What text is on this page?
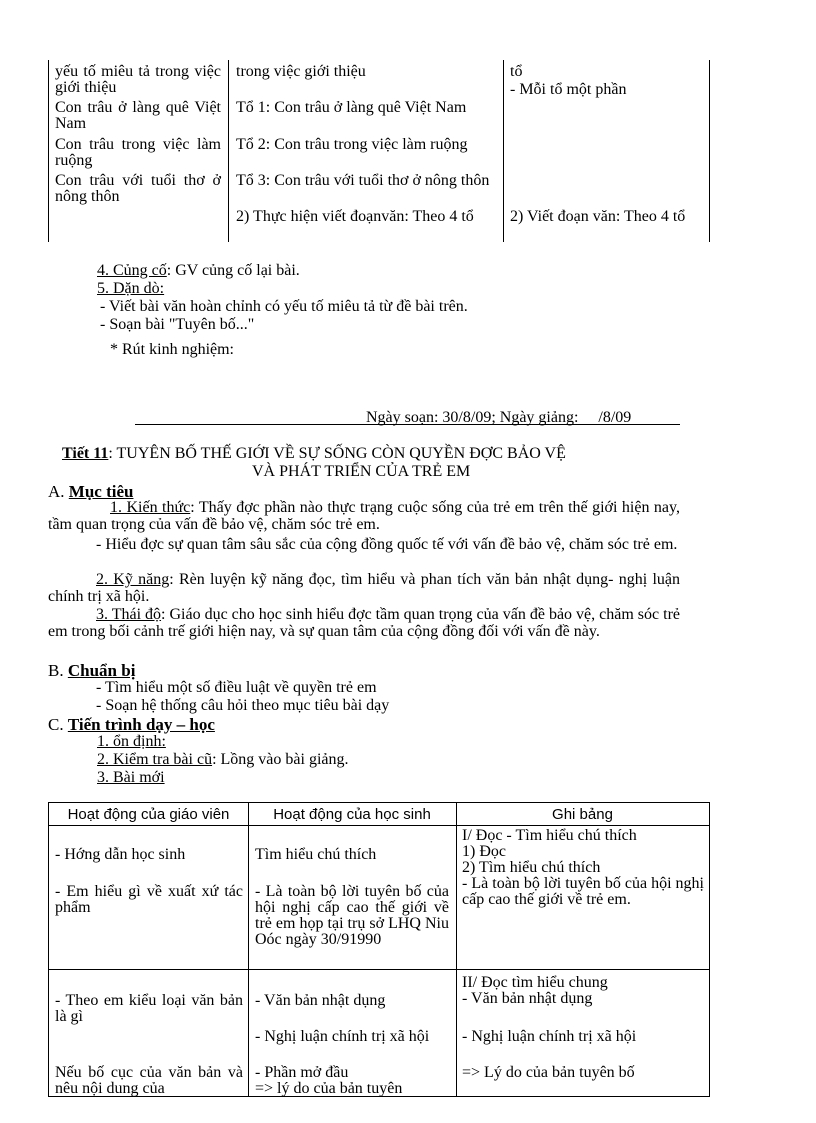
yếu tố miêu tả trong việc giới thiệu

Con trâu ở làng quê Việt Nam

Con trâu trong việc làm ruộng

Con trâu với tuổi thơ ở nông thôn

trong việc giới thiệu

Tổ 1: Con trâu ở làng quê Việt Nam

Tổ 2: Con trâu trong việc làm ruộng

Tổ 3: Con trâu với tuổi thơ ở nông thôn

2) Thực hiện viết đoạnvăn: Theo 4 tổ

tổ

- Mỗi tổ một phần

2) Viết đoạn văn: Theo 4 tổ

4. Củng cố: GV củng cố lại bài.
5. Dặn dò:
- Viết bài văn hoàn chỉnh có yếu tố miêu tả từ đề bài trên.
- Soạn bài "Tuyên bố..."
* Rút kinh nghiệm:
Ngày soạn: 30/8/09; Ngày giảng:     /8/09
Tiết 11: TUYÊN BỐ THẾ GIỚI VỀ SỰ SỐNG CÒN QUYỀN ĐỢC BẢO VỆ
VÀ PHÁT TRIỂN CỦA TRẺ EM
A. Mục tiêu

1. Kiến thức: Thấy đợc phần nào thực trạng cuộc sống của trẻ em trên thế giới hiện nay, tầm quan trọng của vấn đề bảo vệ, chăm sóc trẻ em.

- Hiểu đợc sự quan tâm sâu sắc của cộng đồng quốc tế với vấn đề bảo vệ, chăm sóc trẻ em.

2. Kỹ năng: Rèn luyện kỹ năng đọc, tìm hiểu và phan tích văn bản nhật dụng- nghị luận chính trị xã hội.

3. Thái độ: Giáo dục cho học sinh hiểu đợc tầm quan trọng của vấn đề bảo vệ, chăm sóc trẻ em trong bối cảnh trế giới hiện nay, và sự quan tâm của cộng đồng đối với vấn đề này.

B. Chuẩn bị
- Tìm hiểu một số điều luật về quyền trẻ em
- Soạn hệ thống câu hỏi theo mục tiêu bài dạy
C. Tiến trình dạy – học
1. ổn định:
2. Kiểm tra bài cũ: Lồng vào bài giảng.
3. Bài mới
Hoạt động của giáo viên	Hoạt động của học sinh	Ghi bảng

- Hớng dẫn học sinh

- Em hiểu gì về xuất xứ tác phẩm

Tìm hiểu chú thích

- Là toàn bộ lời tuyên bố của hội nghị cấp cao thế giới về trẻ em họp tại trụ sở LHQ Niu Oóc ngày 30/91990

I/ Đọc - Tìm hiểu chú thích

1) Đọc

2) Tìm hiểu chú thích

- Là toàn bộ lời tuyên bố của hội nghị cấp cao thế giới về trẻ em.

- Theo em kiểu loại văn bản là gì

Nếu bố cục của văn bản và nêu nội dung của

- Văn bản nhật dụng

- Nghị luận chính trị xã hội

- Phần mở đầu

=> lý do của bản tuyên

II/ Đọc tìm hiểu chung

- Văn bản nhật dụng

- Nghị luận chính trị xã hội

=> Lý do của bản tuyên bố
